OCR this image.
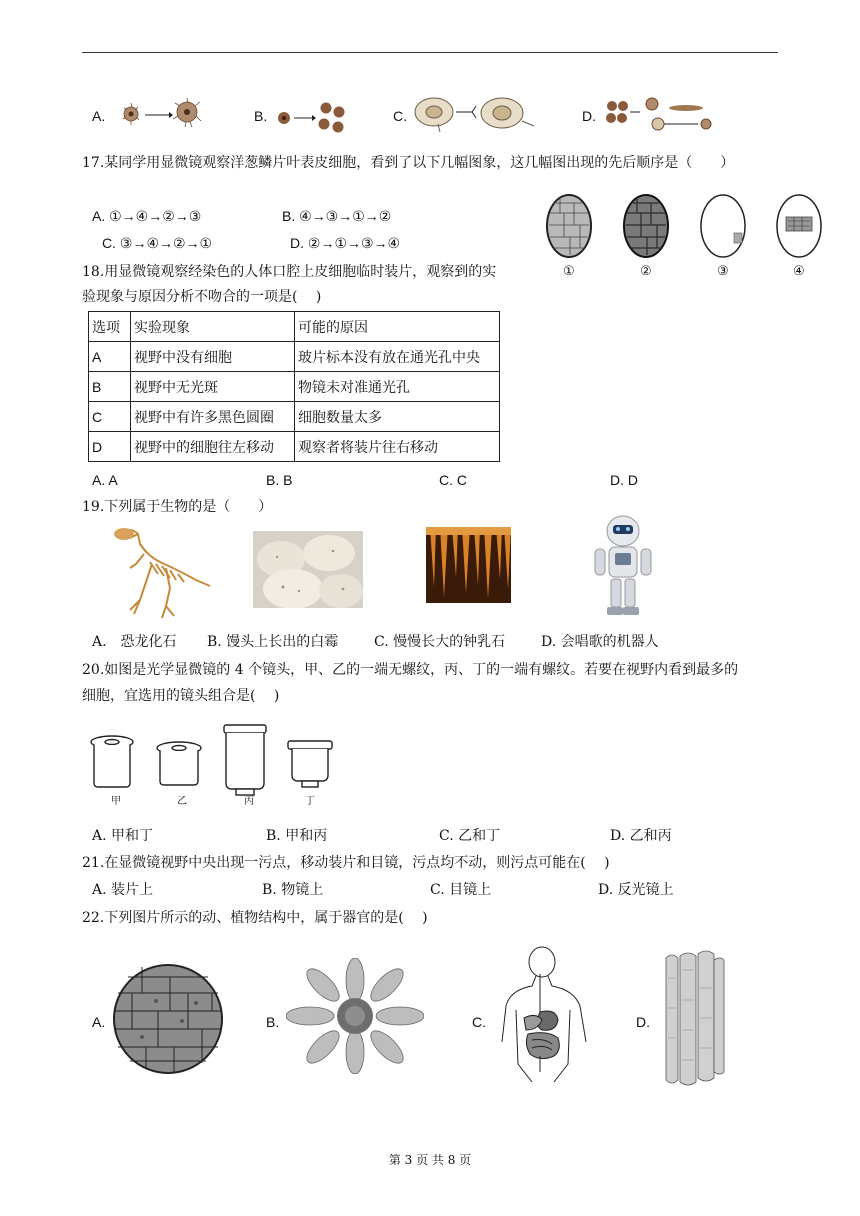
A.	B.	C.	D.
17.某同学用显微镜观察洋葱鳞片叶表皮细胞，看到了以下几幅图象，这几幅图出现的先后顺序是（　　）
A. ①→④→②→③	B. ④→③→①→②
C. ③→④→②→①	D. ②→①→③→④
①	②	③	④
18.用显微镜观察经染色的人体口腔上皮细胞临时装片，观察到的实
验现象与原因分析不吻合的一项是(　 )
选项	实验现象	可能的原因
A	视野中没有细胞	玻片标本没有放在通光孔中央
B	视野中无光斑	物镜未对准通光孔
C	视野中有许多黑色圆圈	细胞数量太多
D	视野中的细胞往左移动	观察者将装片往右移动
A. A	B. B	C. C	D. D
19.下列属于生物的是（　　）
A.　恐龙化石 B. 馒头上长出的白霉	C. 慢慢长大的钟乳石	D. 会唱歌的机器人
20.如图是光学显微镜的 4 个镜头，甲、乙的一端无螺纹，丙、丁的一端有螺纹。若要在视野内看到最多的
细胞，宜选用的镜头组合是(　 )
甲	乙	丙	丁
A. 甲和丁	B. 甲和丙	C. 乙和丁	D. 乙和丙
21.在显微镜视野中央出现一污点，移动装片和目镜，污点均不动，则污点可能在(　 )
A. 装片上	B. 物镜上	C. 目镜上	D. 反光镜上
22.下列图片所示的动、植物结构中，属于器官的是(　 )
A.	B.	C.	D.
第 3 页 共 8 页
